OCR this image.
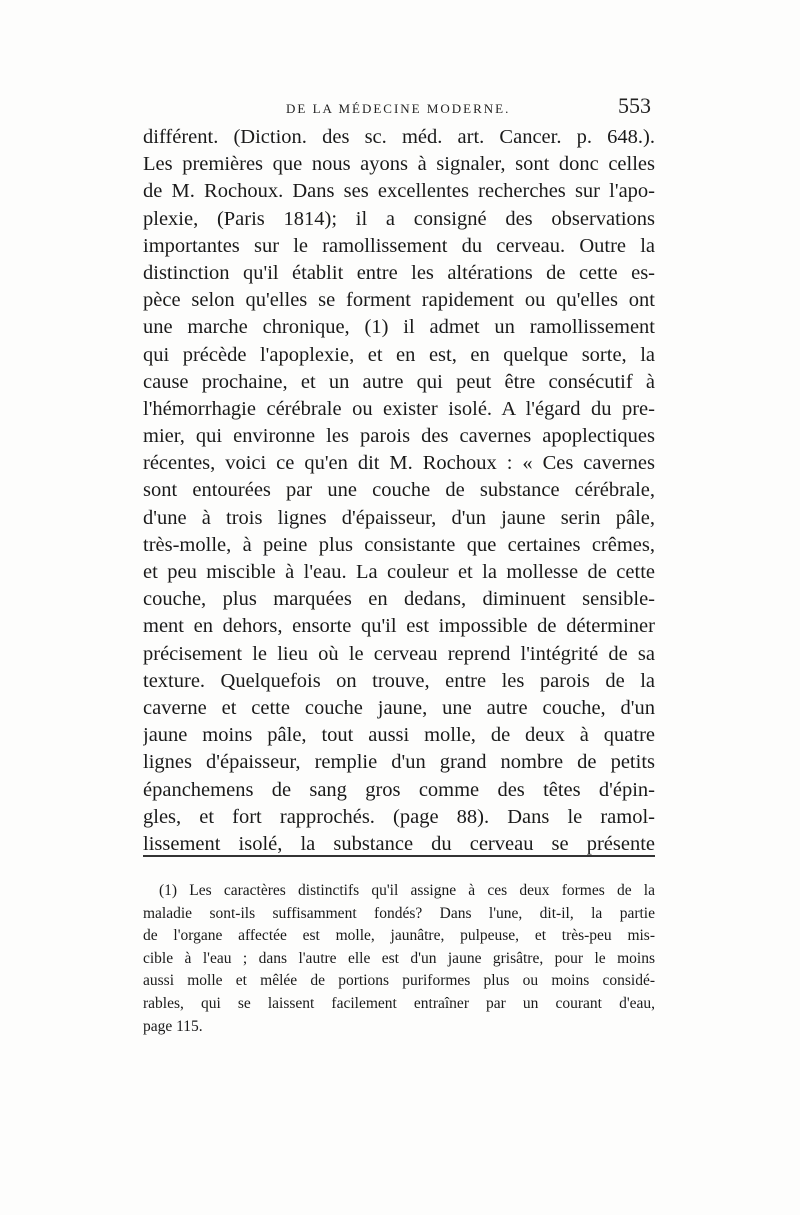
DE LA MÉDECINE MODERNE.	553
différent. (Diction. des sc. méd. art. Cancer. p. 648.).
Les premières que nous ayons à signaler, sont donc celles
de M. Rochoux. Dans ses excellentes recherches sur l'apo-
plexie, (Paris 1814); il a consigné des observations
importantes sur le ramollissement du cerveau. Outre la
distinction qu'il établit entre les altérations de cette es-
pèce selon qu'elles se forment rapidement ou qu'elles ont
une marche chronique, (1) il admet un ramollissement
qui précède l'apoplexie, et en est, en quelque sorte, la
cause prochaine, et un autre qui peut être consécutif à
l'hémorrhagie cérébrale ou exister isolé. A l'égard du pre-
mier, qui environne les parois des cavernes apoplectiques
récentes, voici ce qu'en dit M. Rochoux : « Ces cavernes
sont entourées par une couche de substance cérébrale,
d'une à trois lignes d'épaisseur, d'un jaune serin pâle,
très-molle, à peine plus consistante que certaines crêmes,
et peu miscible à l'eau. La couleur et la mollesse de cette
couche, plus marquées en dedans, diminuent sensible-
ment en dehors, ensorte qu'il est impossible de déterminer
précisement le lieu où le cerveau reprend l'intégrité de sa
texture. Quelquefois on trouve, entre les parois de la
caverne et cette couche jaune, une autre couche, d'un
jaune moins pâle, tout aussi molle, de deux à quatre
lignes d'épaisseur, remplie d'un grand nombre de petits
épanchemens de sang gros comme des têtes d'épin-
gles, et fort rapprochés. (page 88). Dans le ramol-
lissement isolé, la substance du cerveau se présente
(1) Les caractères distinctifs qu'il assigne à ces deux formes de la
maladie sont-ils suffisamment fondés? Dans l'une, dit-il, la partie
de l'organe affectée est molle, jaunâtre, pulpeuse, et très-peu mis-
cible à l'eau ; dans l'autre elle est d'un jaune grisâtre, pour le moins
aussi molle et mêlée de portions puriformes plus ou moins considé-
rables, qui se laissent facilement entraîner par un courant d'eau,
page 115.
